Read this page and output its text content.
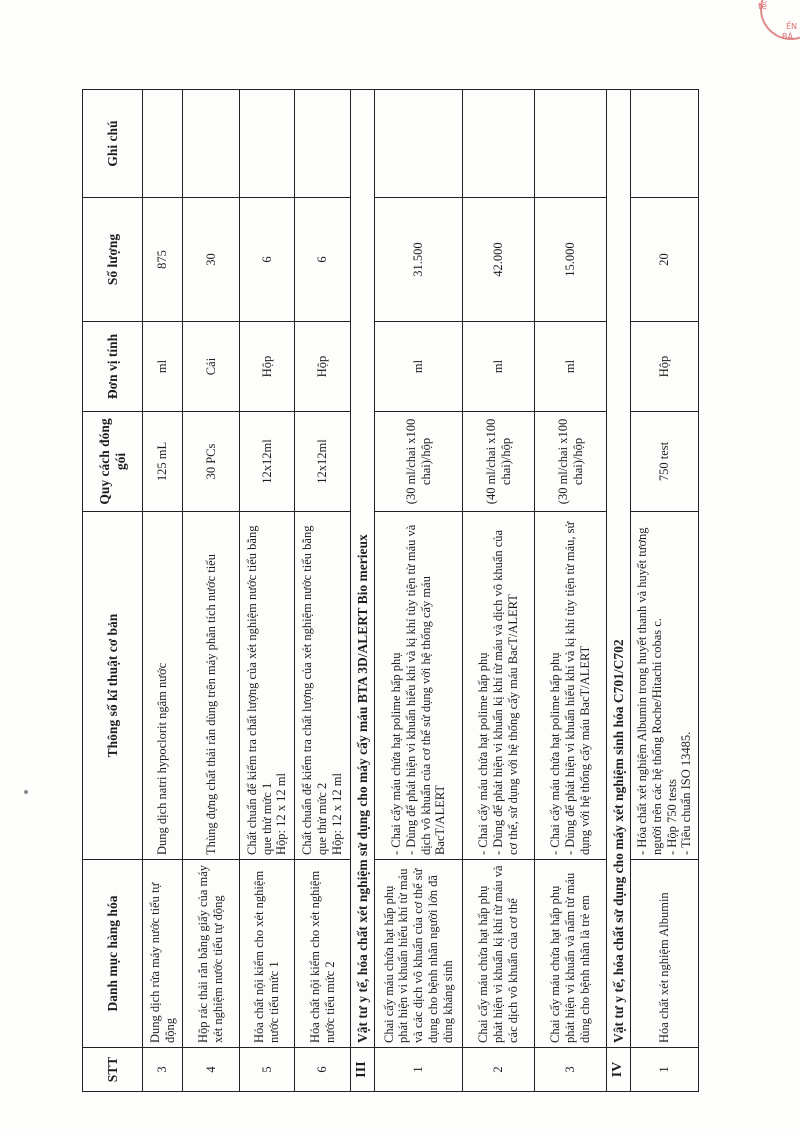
tế
ẾN
BÁ
STT	Danh mục hàng hóa	Thông số kĩ thuật cơ bản	Quy cách đóng gói	Đơn vị tính	Số lượng	Ghi chú
3	Dung dịch rửa máy nước tiểu tự động	Dung dịch natri hypoclorit ngâm nước	125 mL	ml	875	
4	Hộp rác thải rắn bằng giấy của máy xét nghiệm nước tiểu tự động	Thùng đựng chất thải rắn dùng trên máy phân tích nước tiểu	30 PCs	Cái	30	
5	Hóa chất nội kiểm cho xét nghiệm nước tiểu mức 1	Chất chuẩn để kiểm tra chất lượng của xét nghiệm nước tiểu bằng que thử mức 1 Hộp: 12 x 12 ml	12x12ml	Hộp	6	
6	Hóa chất nội kiểm cho xét nghiệm nước tiểu mức 2	Chất chuẩn để kiểm tra chất lượng của xét nghiệm nước tiểu bằng que thử mức 2 Hộp: 12 x 12 ml	12x12ml	Hộp	6	
III	Vật tư y tế, hóa chất xét nghiệm sử dụng cho máy cấy máu BTA 3D/ALERT Bio merieux					
1	Chai cấy máu chứa hạt hấp phụ phát hiện vi khuẩn hiếu khí từ máu và các dịch vô khuẩn của cơ thể sử dụng cho bệnh nhân người lớn đã dùng kháng sinh	- Chai cấy máu chứa hạt polime hấp phụ - Dùng để phát hiện vi khuẩn hiếu khí và kị khí tùy tiện từ máu và dịch vô khuẩn của cơ thể sử dụng với hệ thống cấy máu BacT/ALERT	(30 ml/chai x100 chai)/hộp	ml	31.500	
2	Chai cấy máu chứa hạt hấp phụ phát hiện vi khuẩn kị khí từ máu và các dịch vô khuẩn của cơ thể	- Chai cấy máu chứa hạt polime hấp phụ - Dùng để phát hiện vi khuẩn kị khí từ máu và dịch vô khuẩn của cơ thể, sử dụng với hệ thống cấy máu BacT/ALERT	(40 ml/chai x100 chai)/hộp	ml	42.000	
3	Chai cấy máu chứa hạt hấp phụ phát hiện vi khuẩn và nấm từ máu dùng cho bệnh nhân là trẻ em	- Chai cấy máu chứa hạt polime hấp phụ - Dùng để phát hiện vi khuẩn hiếu khí và kị khí tùy tiện từ máu, sử dụng với hệ thống cấy máu BacT/ALERT	(30 ml/chai x100 chai)/hộp	ml	15.000	
IV	Vật tư y tế, hóa chất sử dụng cho máy xét nghiệm sinh hóa C701/C702					
1	Hóa chất xét nghiệm Albumin	- Hóa chất xét nghiệm Albumin trong huyết thanh và huyết tương người trên các hệ thống Roche/Hitachi cobas c. - Hộp 750 tests - Tiêu chuẩn ISO 13485.	750 test	Hộp	20	
